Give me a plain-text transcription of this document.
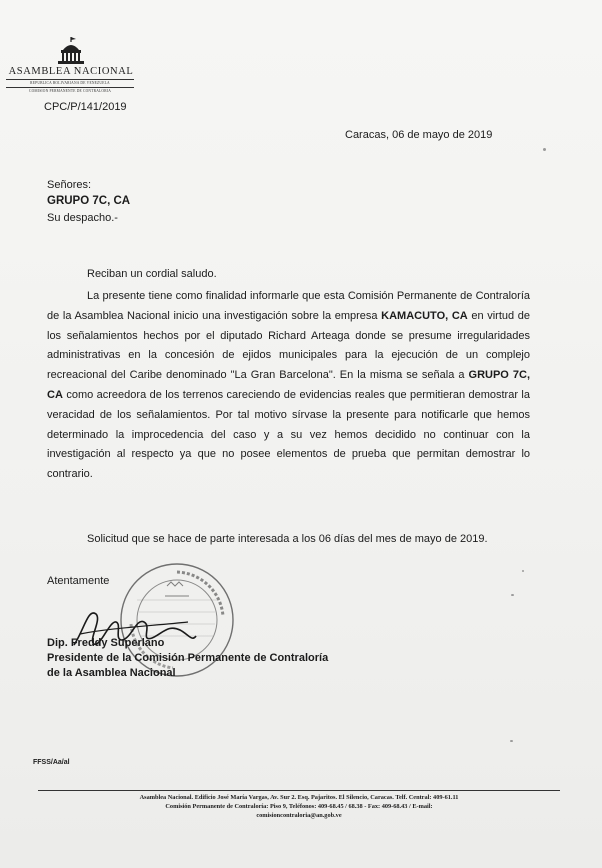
ASAMBLEA NACIONAL
REPÚBLICA BOLIVARIANA DE VENEZUELA
COMISIÓN PERMANENTE DE CONTRALORÍA
CPC/P/141/2019
Caracas, 06 de mayo de 2019
Señores:
GRUPO 7C, CA
Su despacho.-
Reciban un cordial saludo.
La presente tiene como finalidad informarle que esta Comisión Permanente de Contraloría de la Asamblea Nacional inicio una investigación sobre la empresa KAMACUTO, CA en virtud de los señalamientos hechos por el diputado Richard Arteaga donde se presume irregularidades administrativas en la concesión de ejidos municipales para la ejecución de un complejo recreacional del Caribe denominado "La Gran Barcelona". En la misma se señala a GRUPO 7C, CA como acreedora de los terrenos careciendo de evidencias reales que permitieran demostrar la veracidad de los señalamientos. Por tal motivo sírvase la presente para notificarle que hemos determinado la improcedencia del caso y a su vez hemos decidido no continuar con la investigación al respecto ya que no posee elementos de prueba que permitan demostrar lo contrario.
Solicitud que se hace de parte interesada a los 06 días del mes de mayo de 2019.
Atentamente
Dip. Freddy Superlano
Presidente de la Comisión Permanente de Contraloría
de la Asamblea Nacional
FFSS/Aa/al
Asamblea Nacional. Edificio José María Vargas, Av. Sur 2. Esq. Pajaritos. El Silencio, Caracas. Telf. Central: 409-61.11
Comisión Permanente de Contraloría: Piso 9, Teléfonos: 409-68.45 / 68.38 - Fax: 409-68.43 / E-mail:
comisioncontraloria@an.gob.ve
